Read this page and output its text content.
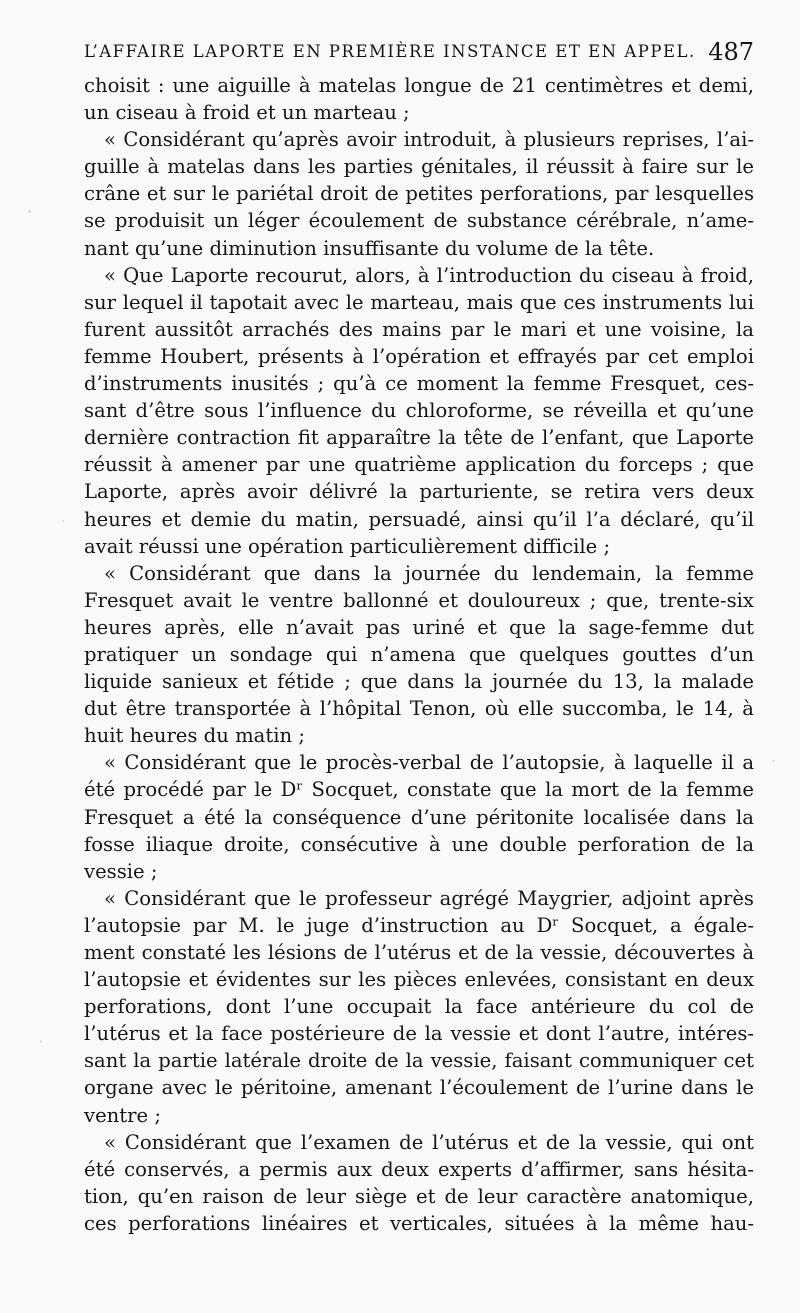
L’AFFAIRE LAPORTE EN PREMIÈRE INSTANCE ET EN APPEL. 487
choisit : une aiguille à matelas longue de 21 centimètres et demi,
un ciseau à froid et un marteau ;
« Considérant qu’après avoir introduit, à plusieurs reprises, l’ai-
guille à matelas dans les parties génitales, il réussit à faire sur le
crâne et sur le pariétal droit de petites perforations, par lesquelles
se produisit un léger écoulement de substance cérébrale, n’ame-
nant qu’une diminution insuffisante du volume de la tête.
« Que Laporte recourut, alors, à l’introduction du ciseau à froid,
sur lequel il tapotait avec le marteau, mais que ces instruments lui
furent aussitôt arrachés des mains par le mari et une voisine, la
femme Houbert, présents à l’opération et effrayés par cet emploi
d’instruments inusités ; qu’à ce moment la femme Fresquet, ces-
sant d’être sous l’influence du chloroforme, se réveilla et qu’une
dernière contraction fit apparaître la tête de l’enfant, que Laporte
réussit à amener par une quatrième application du forceps ; que
Laporte, après avoir délivré la parturiente, se retira vers deux
heures et demie du matin, persuadé, ainsi qu’il l’a déclaré, qu’il
avait réussi une opération particulièrement difficile ;
« Considérant que dans la journée du lendemain, la femme
Fresquet avait le ventre ballonné et douloureux ; que, trente-six
heures après, elle n’avait pas uriné et que la sage-femme dut
pratiquer un sondage qui n’amena que quelques gouttes d’un
liquide sanieux et fétide ; que dans la journée du 13, la malade
dut être transportée à l’hôpital Tenon, où elle succomba, le 14, à
huit heures du matin ;
« Considérant que le procès-verbal de l’autopsie, à laquelle il a
été procédé par le Dʳ Socquet, constate que la mort de la femme
Fresquet a été la conséquence d’une péritonite localisée dans la
fosse iliaque droite, consécutive à une double perforation de la
vessie ;
« Considérant que le professeur agrégé Maygrier, adjoint après
l’autopsie par M. le juge d’instruction au Dʳ Socquet, a égale-
ment constaté les lésions de l’utérus et de la vessie, découvertes à
l’autopsie et évidentes sur les pièces enlevées, consistant en deux
perforations, dont l’une occupait la face antérieure du col de
l’utérus et la face postérieure de la vessie et dont l’autre, intéres-
sant la partie latérale droite de la vessie, faisant communiquer cet
organe avec le péritoine, amenant l’écoulement de l’urine dans le
ventre ;
« Considérant que l’examen de l’utérus et de la vessie, qui ont
été conservés, a permis aux deux experts d’affirmer, sans hésita-
tion, qu’en raison de leur siège et de leur caractère anatomique,
ces perforations linéaires et verticales, situées à la même hau-
